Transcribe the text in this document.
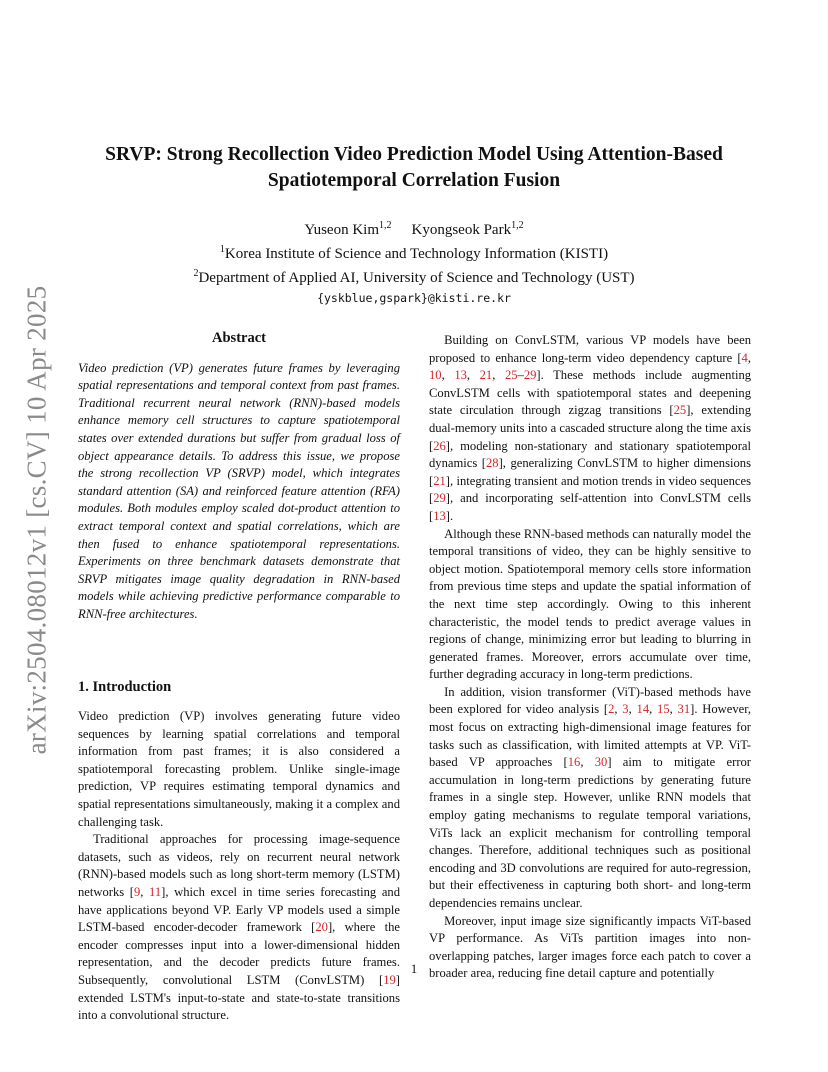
arXiv:2504.08012v1 [cs.CV] 10 Apr 2025
SRVP: Strong Recollection Video Prediction Model Using Attention-Based
Spatiotemporal Correlation Fusion
Yuseon Kim$^{1,2}$ Kyongseok Park$^{1,2}$
$^1$Korea Institute of Science and Technology Information (KISTI)
$^2$Department of Applied AI, University of Science and Technology (UST)
{yskblue,gspark}@kisti.re.kr
Abstract

Video prediction (VP) generates future frames by leveraging spatial representations and temporal context from past frames. Traditional recurrent neural network (RNN)-based models enhance memory cell structures to capture spatiotemporal states over extended durations but suffer from gradual loss of object appearance details. To address this issue, we propose the strong recollection VP (SRVP) model, which integrates standard attention (SA) and reinforced feature attention (RFA) modules. Both modules employ scaled dot-product attention to extract temporal context and spatial correlations, which are then fused to enhance spatiotemporal representations. Experiments on three benchmark datasets demonstrate that SRVP mitigates image quality degradation in RNN-based models while achieving predictive performance comparable to RNN-free architectures.

1. Introduction

Video prediction (VP) involves generating future video sequences by learning spatial correlations and temporal information from past frames; it is also considered a spatiotemporal forecasting problem. Unlike single-image prediction, VP requires estimating temporal dynamics and spatial representations simultaneously, making it a complex and challenging task.

Traditional approaches for processing image-sequence datasets, such as videos, rely on recurrent neural network (RNN)-based models such as long short-term memory (LSTM) networks [9, 11], which excel in time series forecasting and have applications beyond VP. Early VP models used a simple LSTM-based encoder-decoder framework [20], where the encoder compresses input into a lower-dimensional hidden representation, and the decoder predicts future frames. Subsequently, convolutional LSTM (ConvLSTM) [19] extended LSTM's input-to-state and state-to-state transitions into a convolutional structure.

Building on ConvLSTM, various VP models have been proposed to enhance long-term video dependency capture [4, 10, 13, 21, 25–29]. These methods include augmenting ConvLSTM cells with spatiotemporal states and deepening state circulation through zigzag transitions [25], extending dual-memory units into a cascaded structure along the time axis [26], modeling non-stationary and stationary spatiotemporal dynamics [28], generalizing ConvLSTM to higher dimensions [21], integrating transient and motion trends in video sequences [29], and incorporating self-attention into ConvLSTM cells [13].

Although these RNN-based methods can naturally model the temporal transitions of video, they can be highly sensitive to object motion. Spatiotemporal memory cells store information from previous time steps and update the spatial information of the next time step accordingly. Owing to this inherent characteristic, the model tends to predict average values in regions of change, minimizing error but leading to blurring in generated frames. Moreover, errors accumulate over time, further degrading accuracy in long-term predictions.

In addition, vision transformer (ViT)-based methods have been explored for video analysis [2, 3, 14, 15, 31]. However, most focus on extracting high-dimensional image features for tasks such as classification, with limited attempts at VP. ViT-based VP approaches [16, 30] aim to mitigate error accumulation in long-term predictions by generating future frames in a single step. However, unlike RNN models that employ gating mechanisms to regulate temporal variations, ViTs lack an explicit mechanism for controlling temporal changes. Therefore, additional techniques such as positional encoding and 3D convolutions are required for auto-regression, but their effectiveness in capturing both short- and long-term dependencies remains unclear.

Moreover, input image size significantly impacts ViT-based VP performance. As ViTs partition images into non-overlapping patches, larger images force each patch to cover a broader area, reducing fine detail capture and potentially

1
